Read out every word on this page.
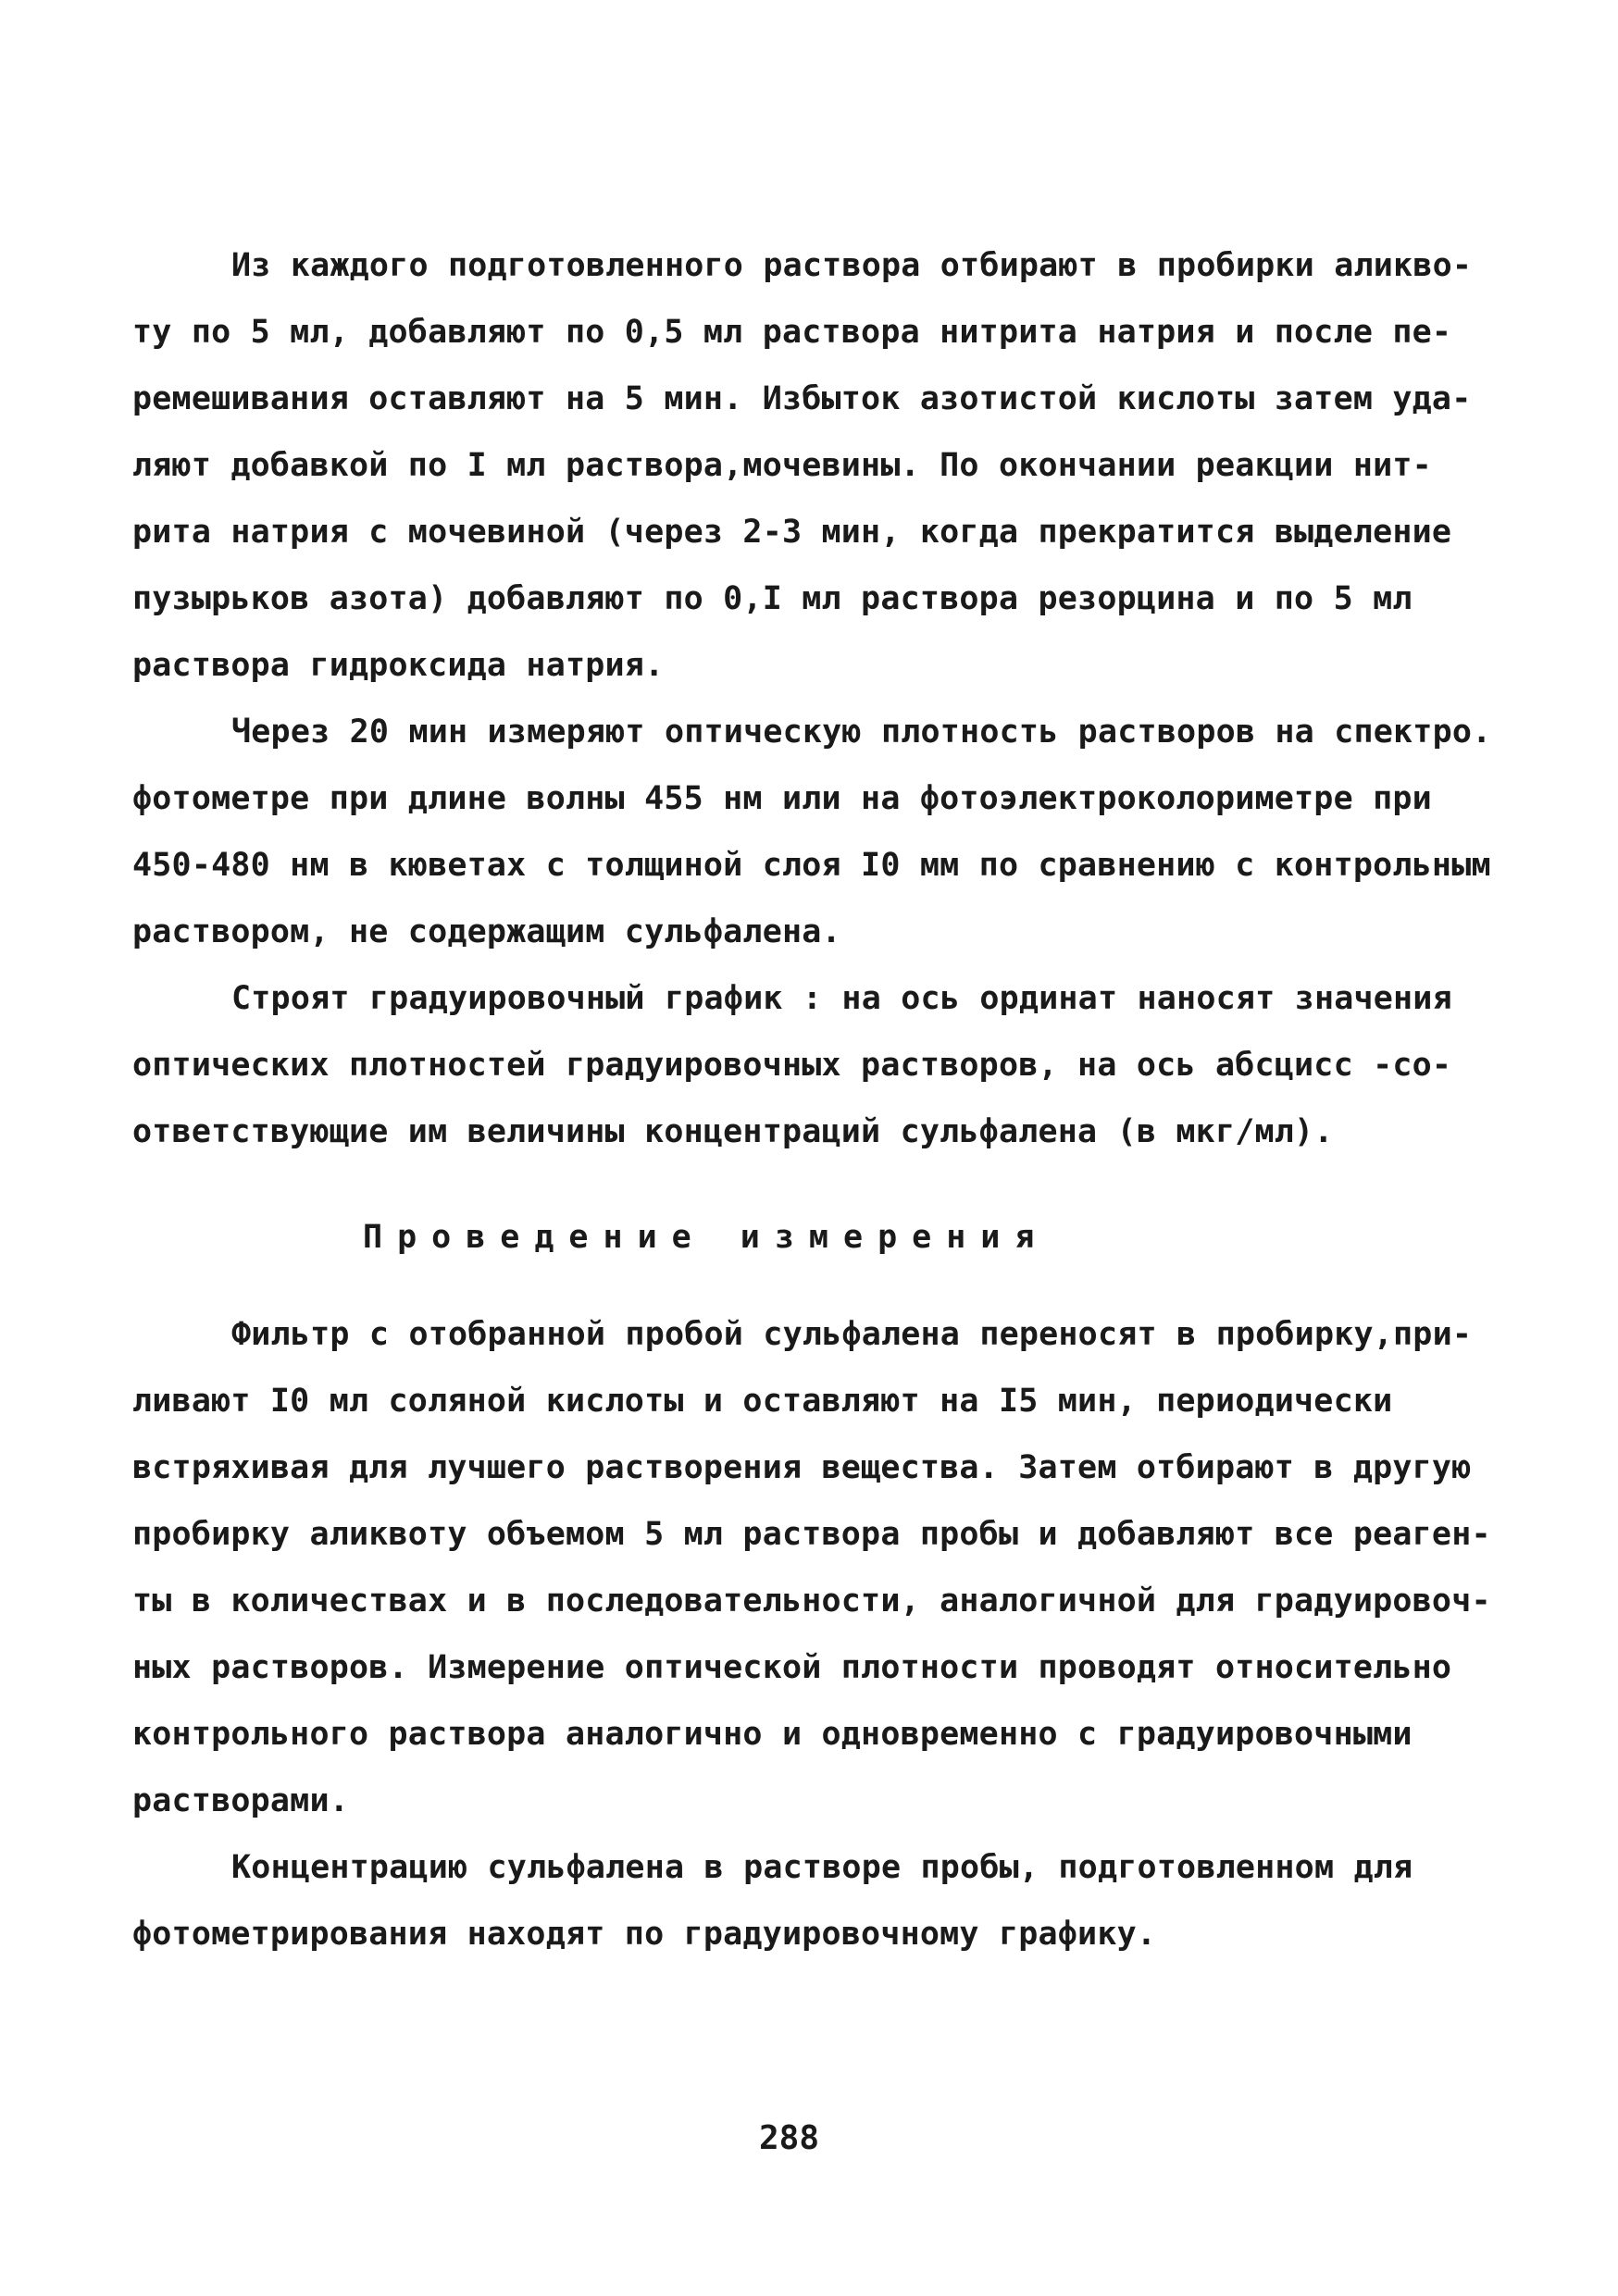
Из каждого подготовленного раствора отбирают в пробирки аликво-
ту по 5 мл, добавляют по 0,5 мл раствора нитрита натрия и после пе-
ремешивания оставляют на 5 мин. Избыток азотистой кислоты затем уда-
ляют добавкой по I мл раствора,мочевины. По окончании реакции нит-
рита натрия с мочевиной (через 2-3 мин, когда прекратится выделение
пузырьков азота) добавляют по 0,I мл раствора резорцина и по 5 мл
раствора гидроксида натрия.
Через 20 мин измеряют оптическую плотность растворов на спектро.
фотометре при длине волны 455 нм или на фотоэлектроколориметре при
450-480 нм в кюветах с толщиной слоя I0 мм по сравнению с контрольным
раствором, не содержащим сульфалена.
Строят градуировочный график : на ось ординат наносят значения
оптических плотностей градуировочных растворов, на ось абсцисс -со-
ответствующие им величины концентраций сульфалена (в мкг/мл).
Проведение измерения
Фильтр с отобранной пробой сульфалена переносят в пробирку,при-
ливают I0 мл соляной кислоты и оставляют на I5 мин, периодически
встряхивая для лучшего растворения вещества. Затем отбирают в другую
пробирку аликвоту объемом 5 мл раствора пробы и добавляют все реаген-
ты в количествах и в последовательности, аналогичной для градуировоч-
ных растворов. Измерение оптической плотности проводят относительно
контрольного раствора аналогично и одновременно с градуировочными
растворами.
Концентрацию сульфалена в растворе пробы, подготовленном для
фотометрирования находят по градуировочному графику.
288
